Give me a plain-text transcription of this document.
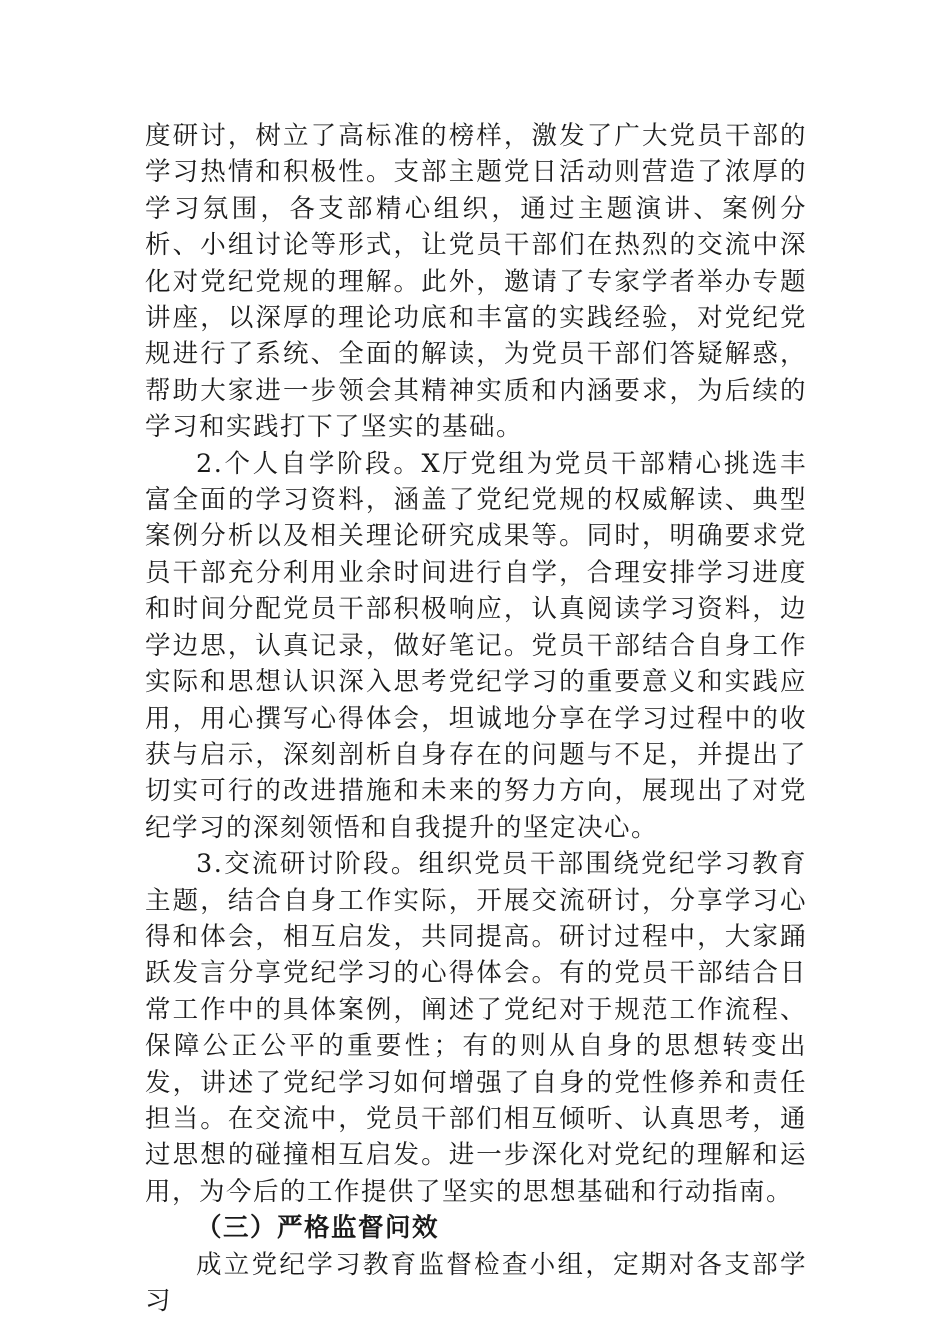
度研讨，树立了高标准的榜样，激发了广大党员干部的学习热情和积极性。支部主题党日活动则营造了浓厚的学习氛围，各支部精心组织，通过主题演讲、案例分析、小组讨论等形式，让党员干部们在热烈的交流中深化对党纪党规的理解。此外，邀请了专家学者举办专题讲座，以深厚的理论功底和丰富的实践经验，对党纪党规进行了系统、全面的解读，为党员干部们答疑解惑，帮助大家进一步领会其精神实质和内涵要求，为后续的学习和实践打下了坚实的基础。

2.个人自学阶段。X厅党组为党员干部精心挑选丰富全面的学习资料，涵盖了党纪党规的权威解读、典型案例分析以及相关理论研究成果等。同时，明确要求党员干部充分利用业余时间进行自学，合理安排学习进度和时间分配党员干部积极响应，认真阅读学习资料，边学边思，认真记录，做好笔记。党员干部结合自身工作实际和思想认识深入思考党纪学习的重要意义和实践应用，用心撰写心得体会，坦诚地分享在学习过程中的收获与启示，深刻剖析自身存在的问题与不足，并提出了切实可行的改进措施和未来的努力方向，展现出了对党纪学习的深刻领悟和自我提升的坚定决心。

3.交流研讨阶段。组织党员干部围绕党纪学习教育主题，结合自身工作实际，开展交流研讨，分享学习心得和体会，相互启发，共同提高。研讨过程中，大家踊跃发言分享党纪学习的心得体会。有的党员干部结合日常工作中的具体案例，阐述了党纪对于规范工作流程、保障公正公平的重要性；有的则从自身的思想转变出发，讲述了党纪学习如何增强了自身的党性修养和责任担当。在交流中，党员干部们相互倾听、认真思考，通过思想的碰撞相互启发。进一步深化对党纪的理解和运用，为今后的工作提供了坚实的思想基础和行动指南。

（三）严格监督问效

成立党纪学习教育监督检查小组，定期对各支部学习
